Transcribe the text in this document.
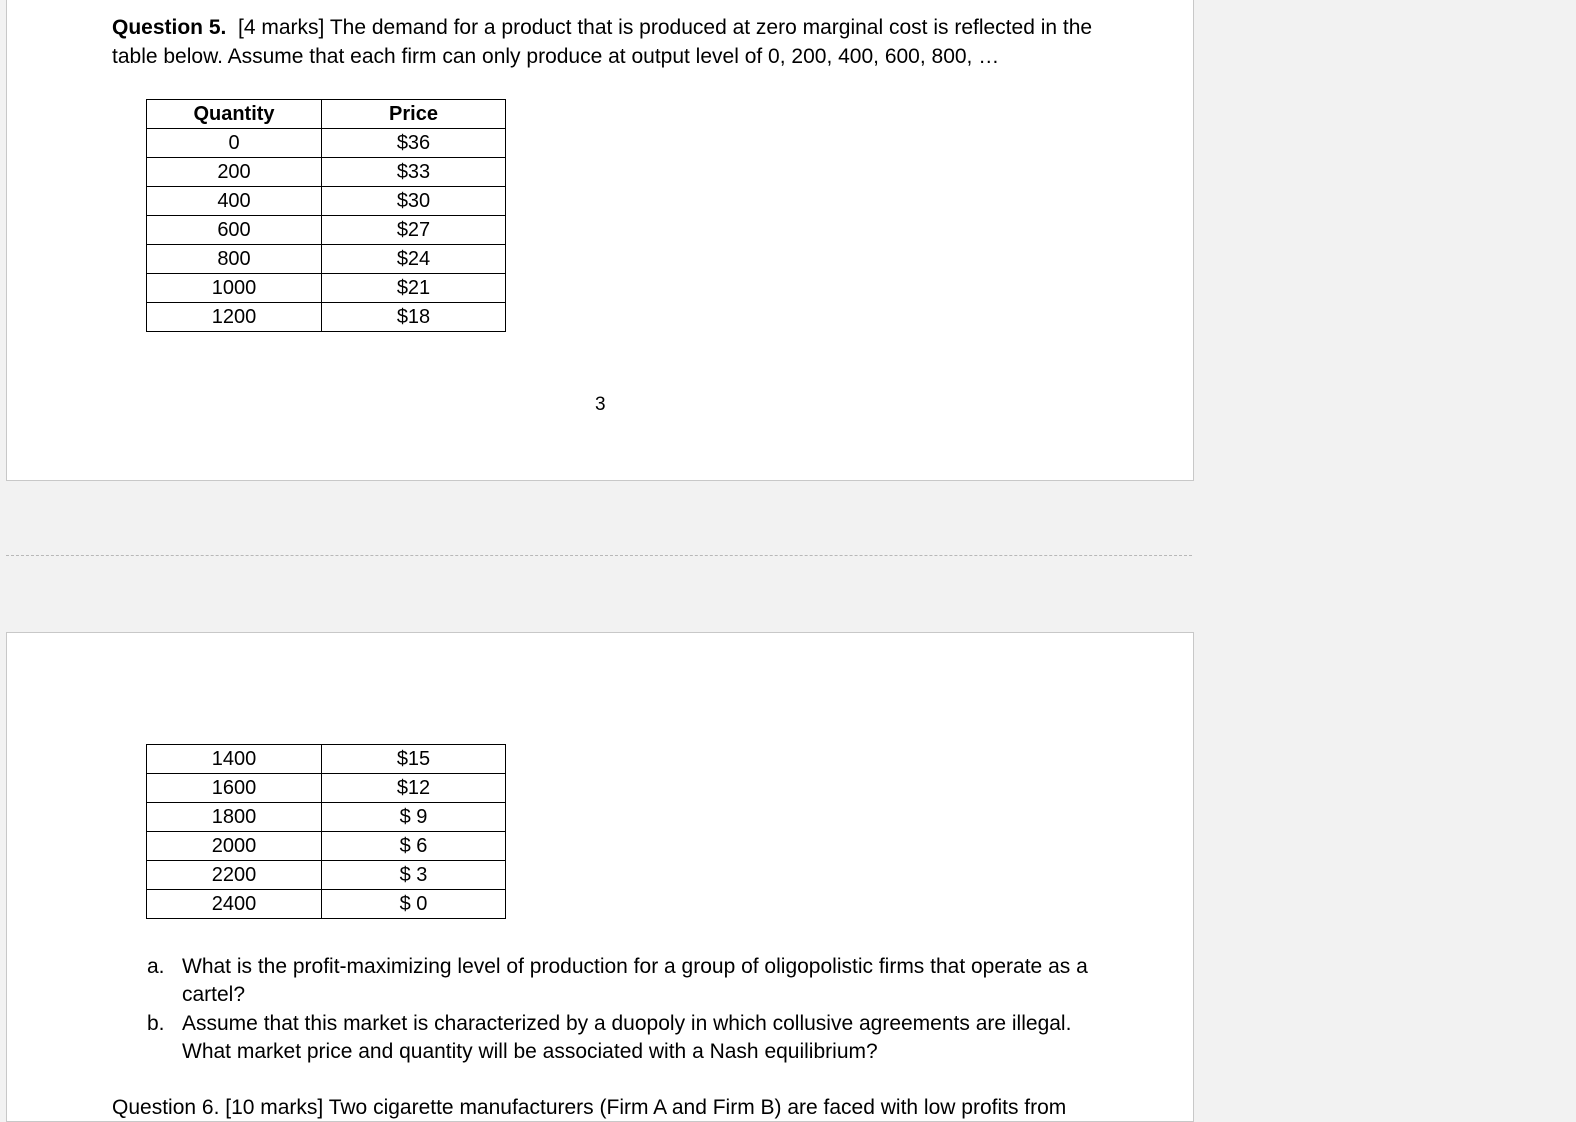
Question 5. [4 marks] The demand for a product that is produced at zero marginal cost is reflected in the table below. Assume that each firm can only produce at output level of 0, 200, 400, 600, 800, …
Quantity	Price
0	$36
200	$33
400	$30
600	$27
800	$24
1000	$21
1200	$18
3
1400	$15
1600	$12
1800	$ 9
2000	$ 6
2200	$ 3
2400	$ 0
a. What is the profit-maximizing level of production for a group of oligopolistic firms that operate as a cartel?
b. Assume that this market is characterized by a duopoly in which collusive agreements are illegal. What market price and quantity will be associated with a Nash equilibrium?
Question 6. [10 marks] Two cigarette manufacturers (Firm A and Firm B) are faced with low profits from
